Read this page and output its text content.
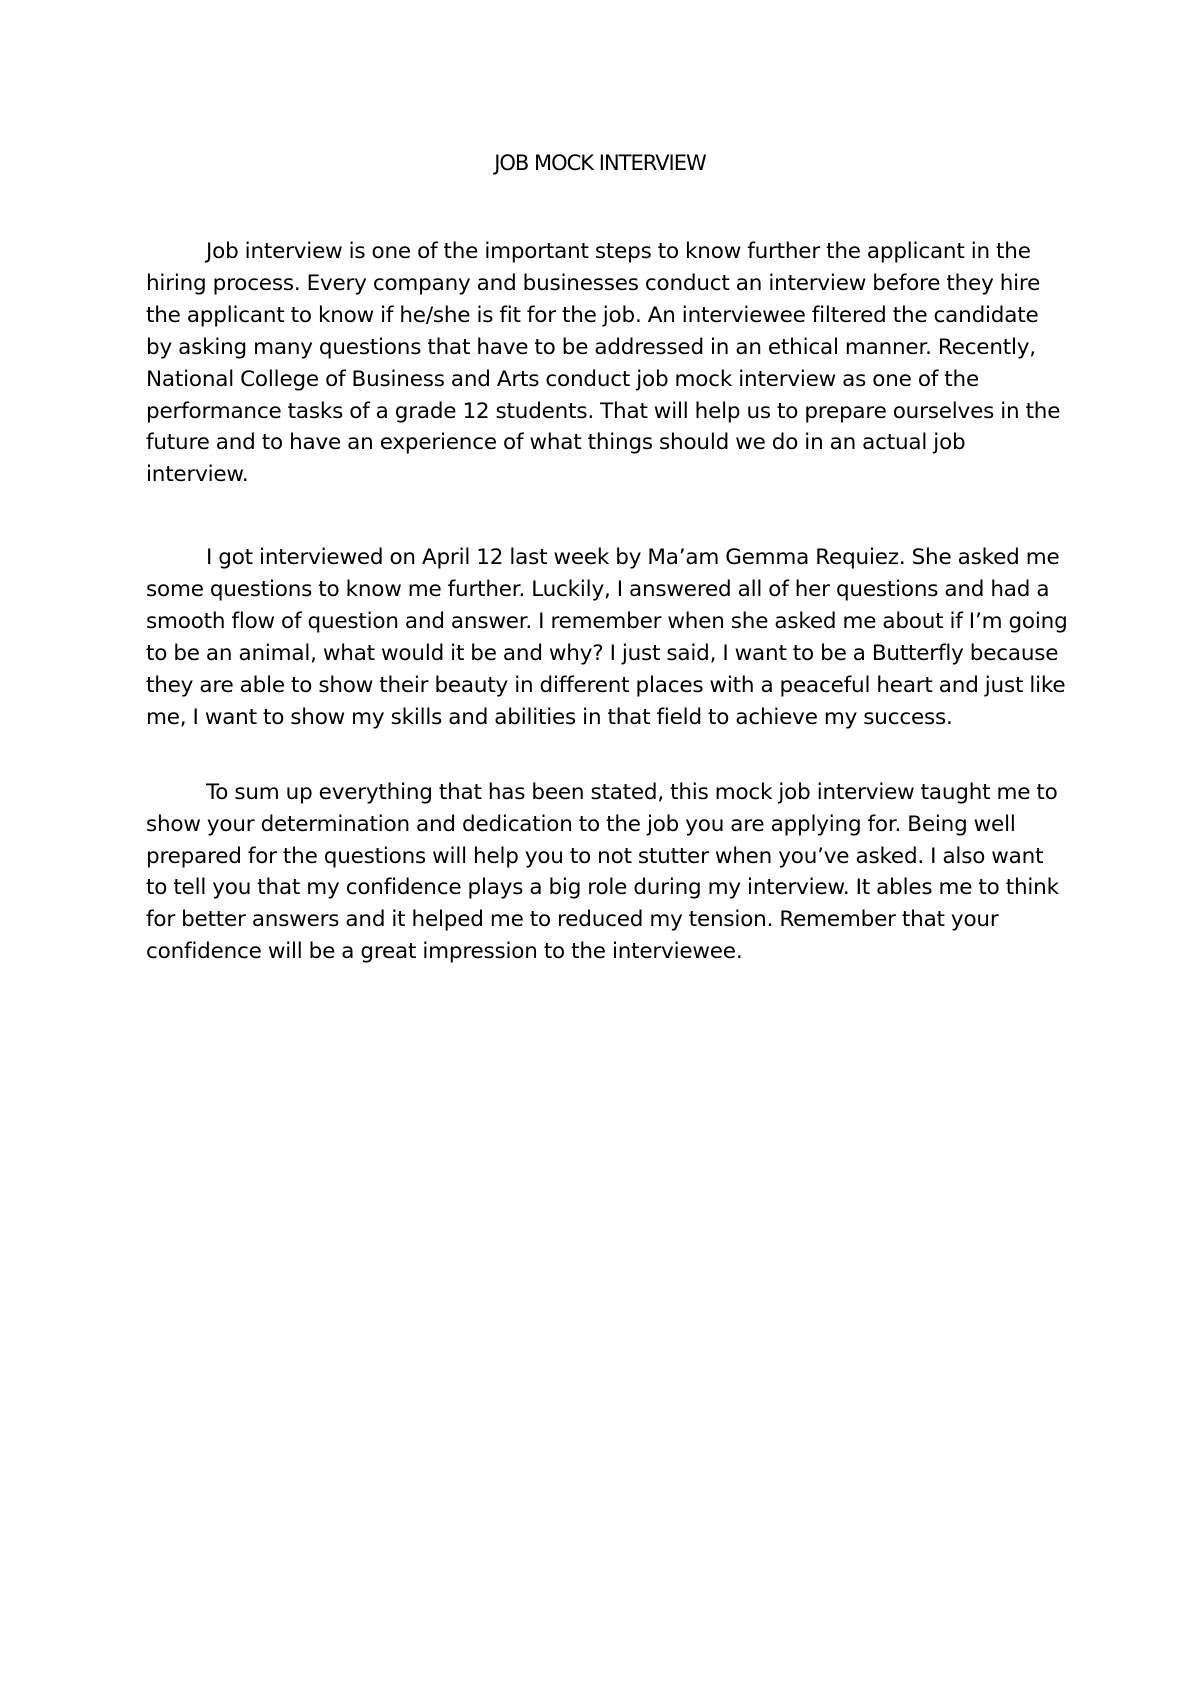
JOB MOCK INTERVIEW

Job interview is one of the important steps to know further the applicant in the hiring process. Every company and businesses conduct an interview before they hire the applicant to know if he/she is fit for the job. An interviewee filtered the candidate by asking many questions that have to be addressed in an ethical manner. Recently, National College of Business and Arts conduct job mock interview as one of the performance tasks of a grade 12 students. That will help us to prepare ourselves in the future and to have an experience of what things should we do in an actual job interview.

I got interviewed on April 12 last week by Ma’am Gemma Requiez. She asked me some questions to know me further. Luckily, I answered all of her questions and had a smooth flow of question and answer. I remember when she asked me about if I’m going to be an animal, what would it be and why? I just said, I want to be a Butterfly because they are able to show their beauty in different places with a peaceful heart and just like me, I want to show my skills and abilities in that field to achieve my success.

To sum up everything that has been stated, this mock job interview taught me to show your determination and dedication to the job you are applying for. Being well prepared for the questions will help you to not stutter when you’ve asked. I also want to tell you that my confidence plays a big role during my interview. It ables me to think for better answers and it helped me to reduced my tension. Remember that your confidence will be a great impression to the interviewee.
